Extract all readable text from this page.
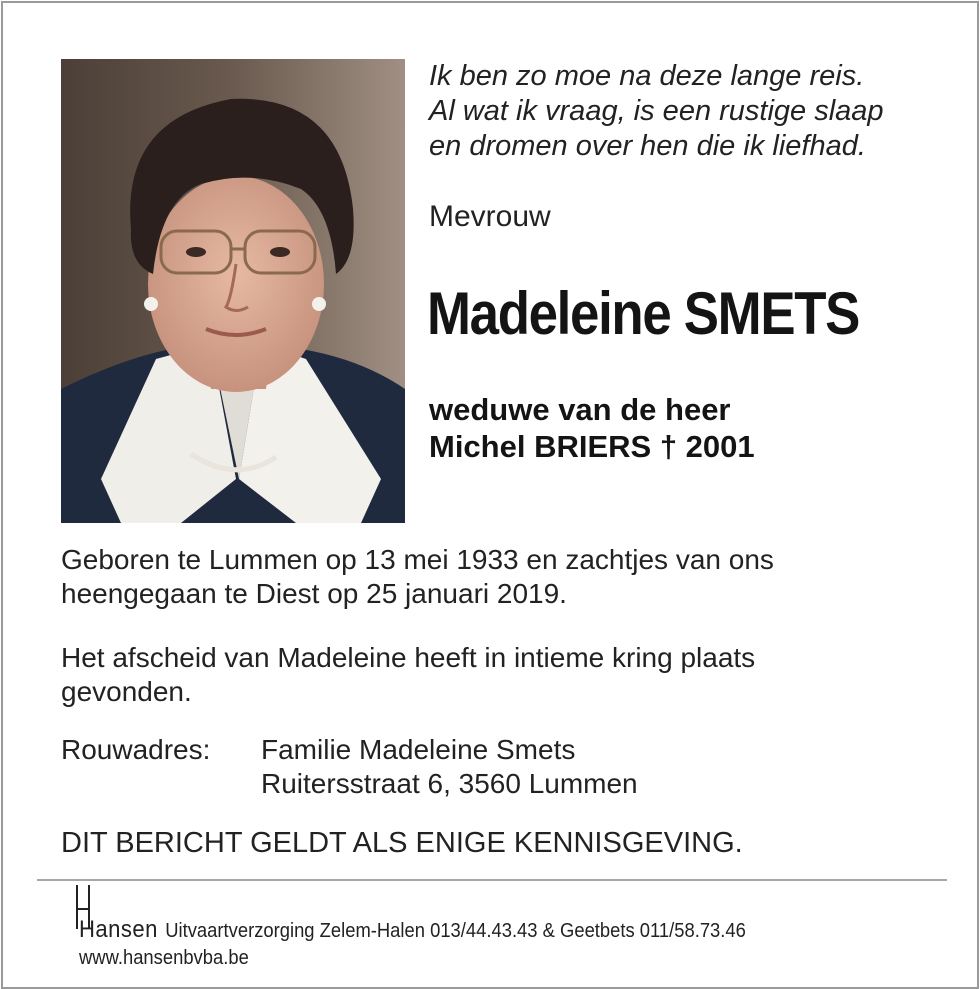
Ik ben zo moe na deze lange reis.
Al wat ik vraag, is een rustige slaap
en dromen over hen die ik liefhad.
Mevrouw
Madeleine SMETS
weduwe van de heer
Michel BRIERS † 2001
Geboren te Lummen op 13 mei 1933 en zachtjes van ons
heengegaan te Diest op 25 januari 2019.
Het afscheid van Madeleine heeft in intieme kring plaats
gevonden.
Rouwadres: Familie Madeleine Smets
Ruitersstraat 6, 3560 Lummen
DIT BERICHT GELDT ALS ENIGE KENNISGEVING.
Hansen Uitvaartverzorging Zelem-Halen 013/44.43.43 & Geetbets 011/58.73.46
www.hansenbvba.be
